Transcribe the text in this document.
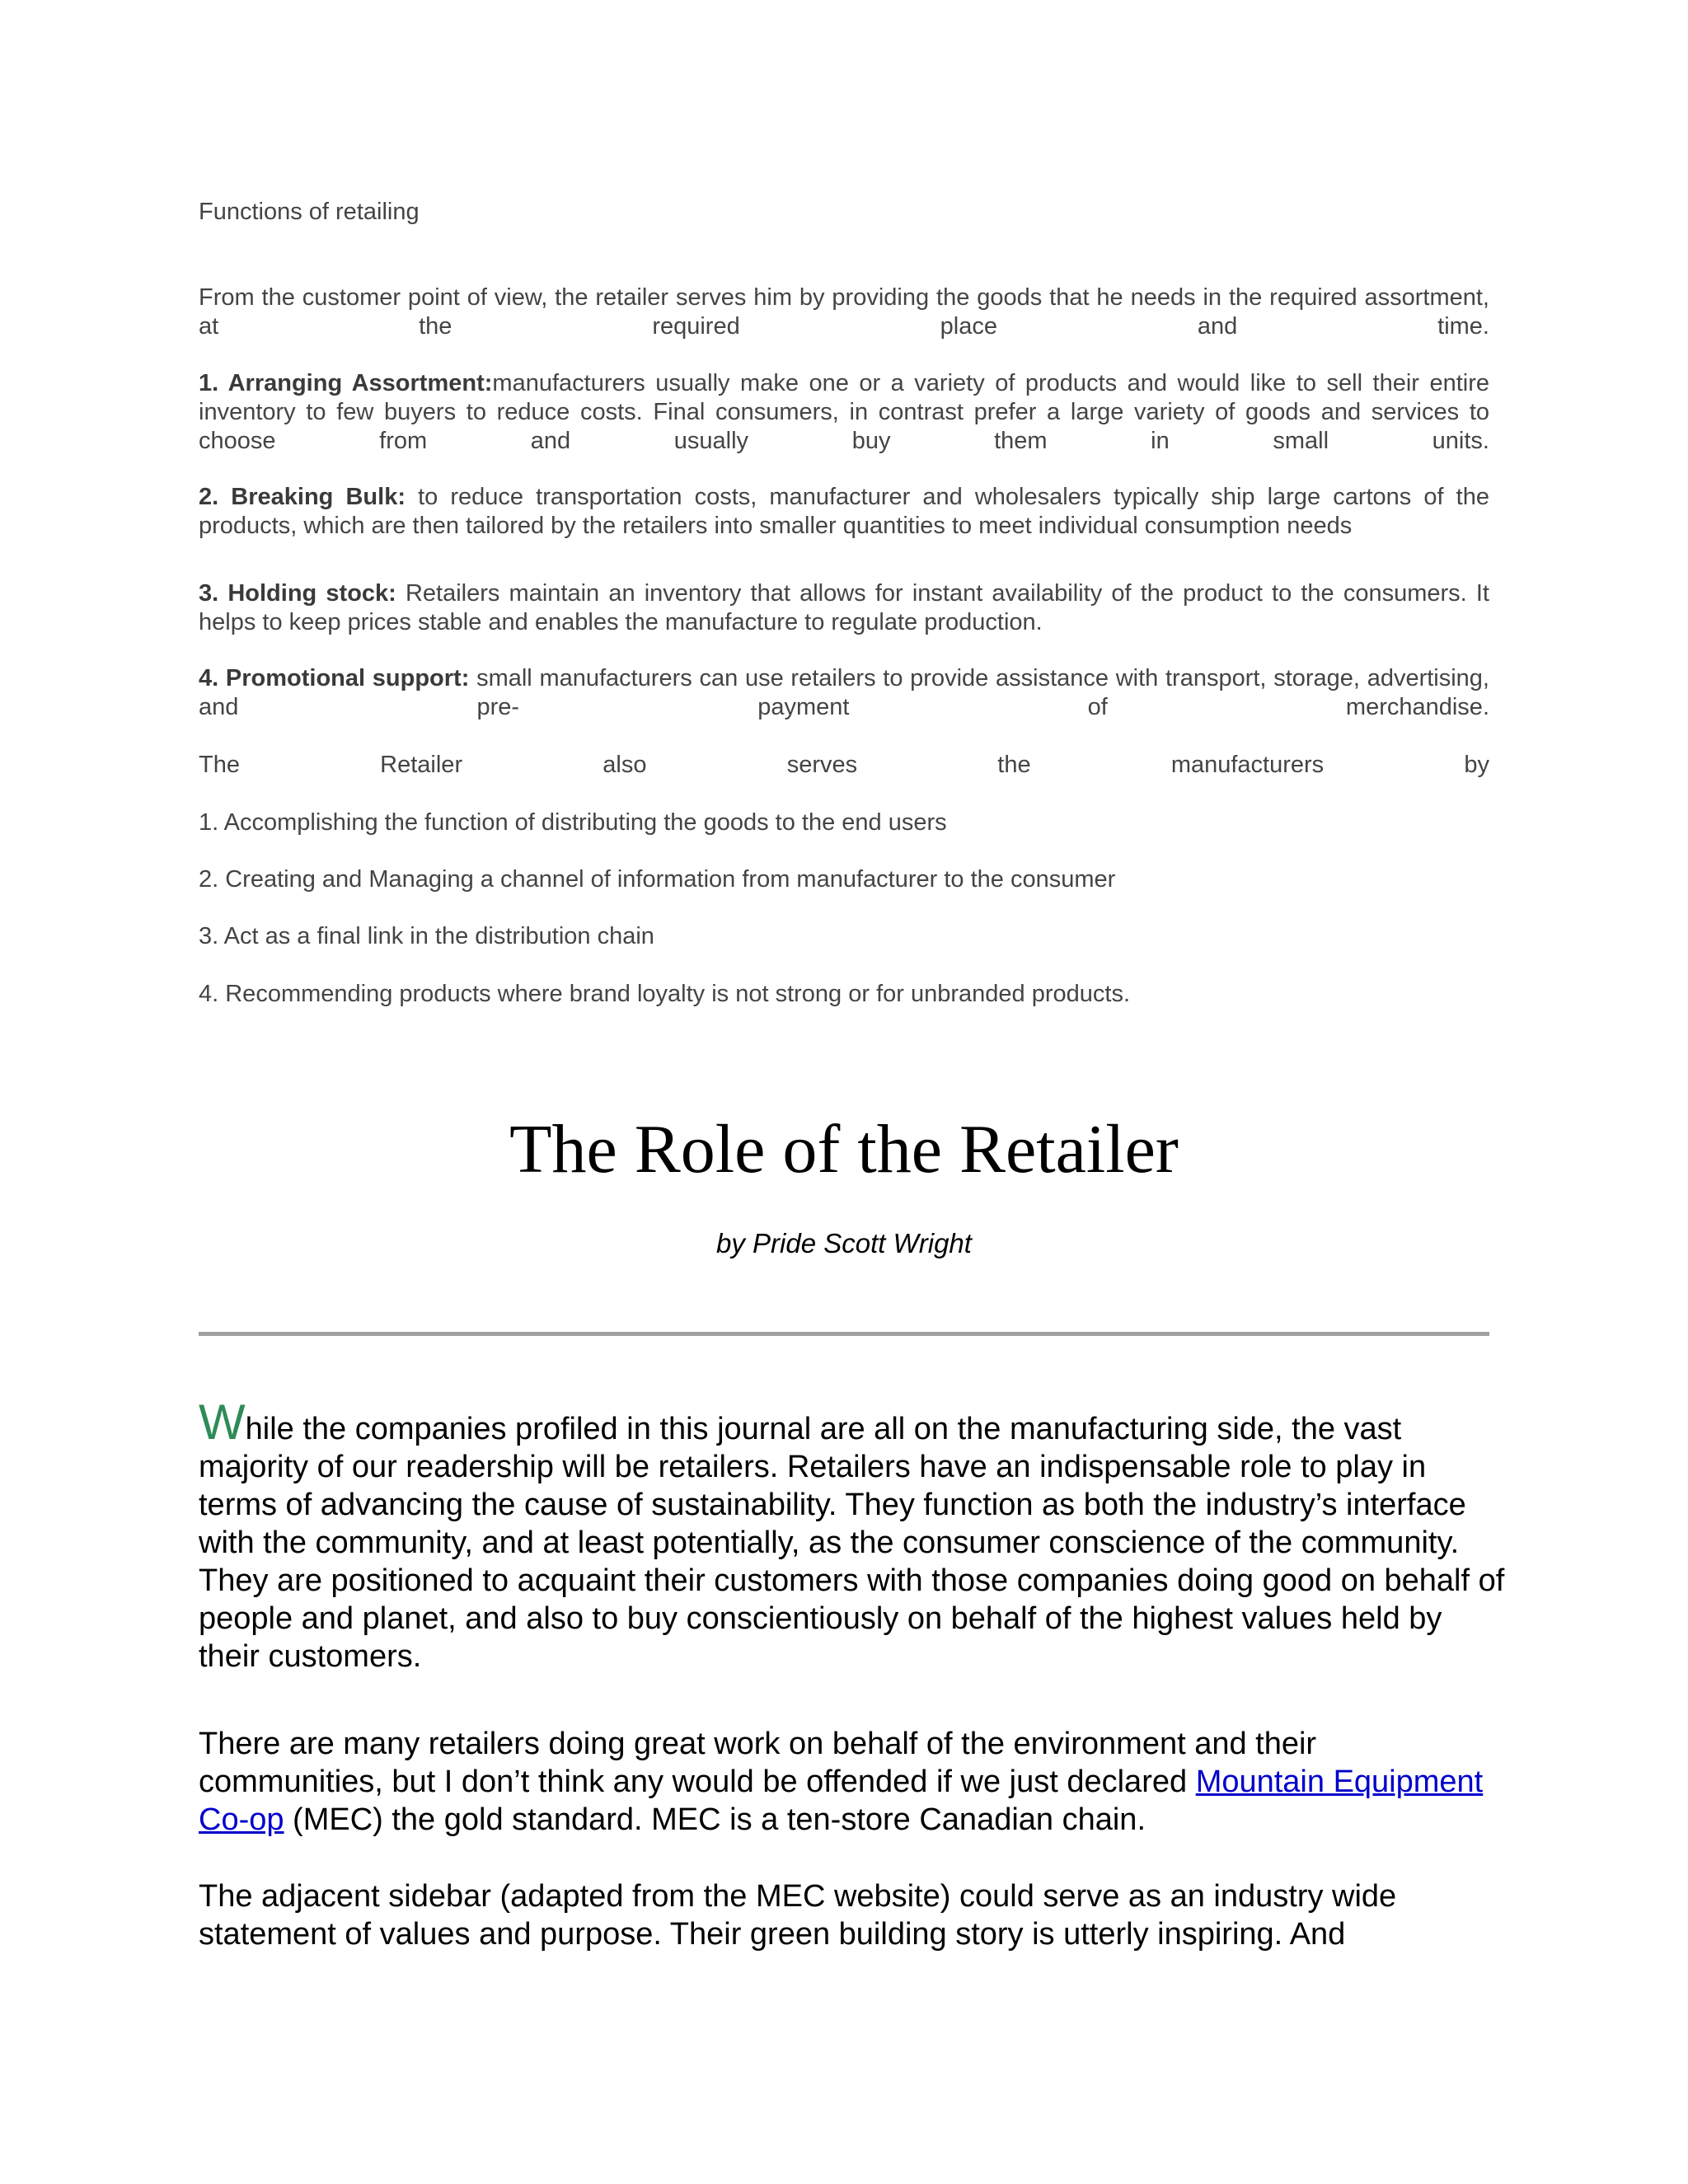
Functions of retailing
From the customer point of view, the retailer serves him by providing the goods that he needs in the required assortment, at the required place and time.
1. Arranging Assortment:manufacturers usually make one or a variety of products and would like to sell their entire inventory to few buyers to reduce costs. Final consumers, in contrast prefer a large variety of goods and services to choose from and usually buy them in small units.
2. Breaking Bulk: to reduce transportation costs, manufacturer and wholesalers typically ship large cartons of the products, which are then tailored by the retailers into smaller quantities to meet individual consumption needs
3. Holding stock: Retailers maintain an inventory that allows for instant availability of the product to the consumers. It helps to keep prices stable and enables the manufacture to regulate production.
4. Promotional support: small manufacturers can use retailers to provide assistance with transport, storage, advertising, and pre- payment of merchandise.
The Retailer also serves the manufacturers by
1. Accomplishing the function of distributing the goods to the end users
2. Creating and Managing a channel of information from manufacturer to the consumer
3. Act as a final link in the distribution chain
4. Recommending products where brand loyalty is not strong or for unbranded products.
The Role of the Retailer
by Pride Scott Wright
While the companies profiled in this journal are all on the manufacturing side, the vast majority of our readership will be retailers. Retailers have an indispensable role to play in terms of advancing the cause of sustainability. They function as both the industry’s interface with the community, and at least potentially, as the consumer conscience of the community. They are positioned to acquaint their customers with those companies doing good on behalf of people and planet, and also to buy conscientiously on behalf of the highest values held by their customers.
There are many retailers doing great work on behalf of the environment and their communities, but I don’t think any would be offended if we just declared Mountain Equipment Co-op (MEC) the gold standard. MEC is a ten-store Canadian chain.
The adjacent sidebar (adapted from the MEC website) could serve as an industry wide statement of values and purpose. Their green building story is utterly inspiring. And
